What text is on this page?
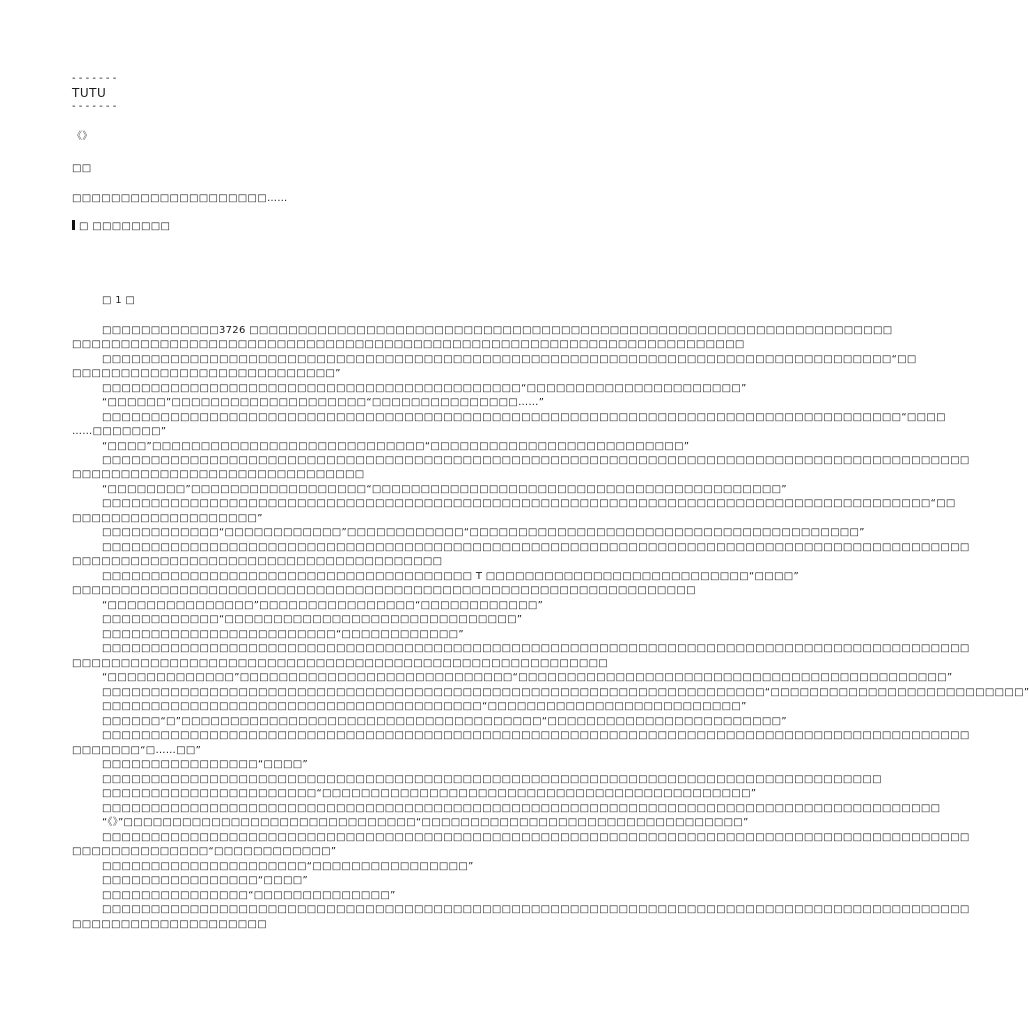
- - - - - - -

TUTU

- - - - - - -

《》

□□

□□□□□□□□□□□□□□□□□□□□……

□ □□□□□□□□

□ 1 □

□□□□□□□□□□□□3726 □□□□□□□□□□□□□□□□□□□□□□□□□□□□□□□□□□□□□□□□□□□□□□□□□□□□□□□□□□□□□□□□□□

□□□□□□□□□□□□□□□□□□□□□□□□□□□□□□□□□□□□□□□□□□□□□□□□□□□□□□□□□□□□□□□□□□□□□

□□□□□□□□□□□□□□□□□□□□□□□□□□□□□□□□□□□□□□□□□□□□□□□□□□□□□□□□□□□□□□□□□□□□□□□□□□□□□□□□□“□□

□□□□□□□□□□□□□□□□□□□□□□□□□□□”

□□□□□□□□□□□□□□□□□□□□□□□□□□□□□□□□□□□□□□□□□□□“□□□□□□□□□□□□□□□□□□□□□□”

“□□□□□□”□□□□□□□□□□□□□□□□□□□□“□□□□□□□□□□□□□□□……”

□□□□□□□□□□□□□□□□□□□□□□□□□□□□□□□□□□□□□□□□□□□□□□□□□□□□□□□□□□□□□□□□□□□□□□□□□□□□□□□□□□“□□□□

……□□□□□□□”

“□□□□”□□□□□□□□□□□□□□□□□□□□□□□□□□□□“□□□□□□□□□□□□□□□□□□□□□□□□□□”

□□□□□□□□□□□□□□□□□□□□□□□□□□□□□□□□□□□□□□□□□□□□□□□□□□□□□□□□□□□□□□□□□□□□□□□□□□□□□□□□□□□□□□□□□

□□□□□□□□□□□□□□□□□□□□□□□□□□□□□□

“□□□□□□□□”□□□□□□□□□□□□□□□□□□“□□□□□□□□□□□□□□□□□□□□□□□□□□□□□□□□□□□□□□□□□□”

□□□□□□□□□□□□□□□□□□□□□□□□□□□□□□□□□□□□□□□□□□□□□□□□□□□□□□□□□□□□□□□□□□□□□□□□□□□□□□□□□□□□□“□□

□□□□□□□□□□□□□□□□□□□”

□□□□□□□□□□□□“□□□□□□□□□□□□”□□□□□□□□□□□□“□□□□□□□□□□□□□□□□□□□□□□□□□□□□□□□□□□□□□□□□”

□□□□□□□□□□□□□□□□□□□□□□□□□□□□□□□□□□□□□□□□□□□□□□□□□□□□□□□□□□□□□□□□□□□□□□□□□□□□□□□□□□□□□□□□□

□□□□□□□□□□□□□□□□□□□□□□□□□□□□□□□□□□□□□□

□□□□□□□□□□□□□□□□□□□□□□□□□□□□□□□□□□□□□□ T □□□□□□□□□□□□□□□□□□□□□□□□□□□“□□□□”

□□□□□□□□□□□□□□□□□□□□□□□□□□□□□□□□□□□□□□□□□□□□□□□□□□□□□□□□□□□□□□□□

“□□□□□□□□□□□□□□□”□□□□□□□□□□□□□□□□“□□□□□□□□□□□□”

□□□□□□□□□□□□“□□□□□□□□□□□□□□□□□□□□□□□□□□□□□□”

□□□□□□□□□□□□□□□□□□□□□□□□“□□□□□□□□□□□□”

□□□□□□□□□□□□□□□□□□□□□□□□□□□□□□□□□□□□□□□□□□□□□□□□□□□□□□□□□□□□□□□□□□□□□□□□□□□□□□□□□□□□□□□□□

□□□□□□□□□□□□□□□□□□□□□□□□□□□□□□□□□□□□□□□□□□□□□□□□□□□□□□□

“□□□□□□□□□□□□□”□□□□□□□□□□□□□□□□□□□□□□□□□□□□“□□□□□□□□□□□□□□□□□□□□□□□□□□□□□□□□□□□□□□□□□□□□”

□□□□□□□□□□□□□□□□□□□□□□□□□□□□□□□□□□□□□□□□□□□□□□□□□□□□□□□□□□□□□□□□□□□□“□□□□□□□□□□□□□□□□□□□□□□□□□□”

□□□□□□□□□□□□□□□□□□□□□□□□□□□□□□□□□□□□□□□“□□□□□□□□□□□□□□□□□□□□□□□□□□”

□□□□□□“□”□□□□□□□□□□□□□□□□□□□□□□□□□□□□□□□□□□□□□“□□□□□□□□□□□□□□□□□□□□□□□□”

□□□□□□□□□□□□□□□□□□□□□□□□□□□□□□□□□□□□□□□□□□□□□□□□□□□□□□□□□□□□□□□□□□□□□□□□□□□□□□□□□□□□□□□□□

□□□□□□□“□……□□”

□□□□□□□□□□□□□□□□“□□□□”

□□□□□□□□□□□□□□□□□□□□□□□□□□□□□□□□□□□□□□□□□□□□□□□□□□□□□□□□□□□□□□□□□□□□□□□□□□□□□□□□

□□□□□□□□□□□□□□□□□□□□□□“□□□□□□□□□□□□□□□□□□□□□□□□□□□□□□□□□□□□□□□□□□□□”

□□□□□□□□□□□□□□□□□□□□□□□□□□□□□□□□□□□□□□□□□□□□□□□□□□□□□□□□□□□□□□□□□□□□□□□□□□□□□□□□□□□□□□

“《》”□□□□□□□□□□□□□□□□□□□□□□□□□□□□□□“□□□□□□□□□□□□□□□□□□□□□□□□□□□□□□□□□”

□□□□□□□□□□□□□□□□□□□□□□□□□□□□□□□□□□□□□□□□□□□□□□□□□□□□□□□□□□□□□□□□□□□□□□□□□□□□□□□□□□□□□□□□□

□□□□□□□□□□□□□□“□□□□□□□□□□□□”

□□□□□□□□□□□□□□□□□□□□□“□□□□□□□□□□□□□□□□”

□□□□□□□□□□□□□□□□“□□□□”

□□□□□□□□□□□□□□□“□□□□□□□□□□□□□□”

□□□□□□□□□□□□□□□□□□□□□□□□□□□□□□□□□□□□□□□□□□□□□□□□□□□□□□□□□□□□□□□□□□□□□□□□□□□□□□□□□□□□□□□□□

□□□□□□□□□□□□□□□□□□□□
